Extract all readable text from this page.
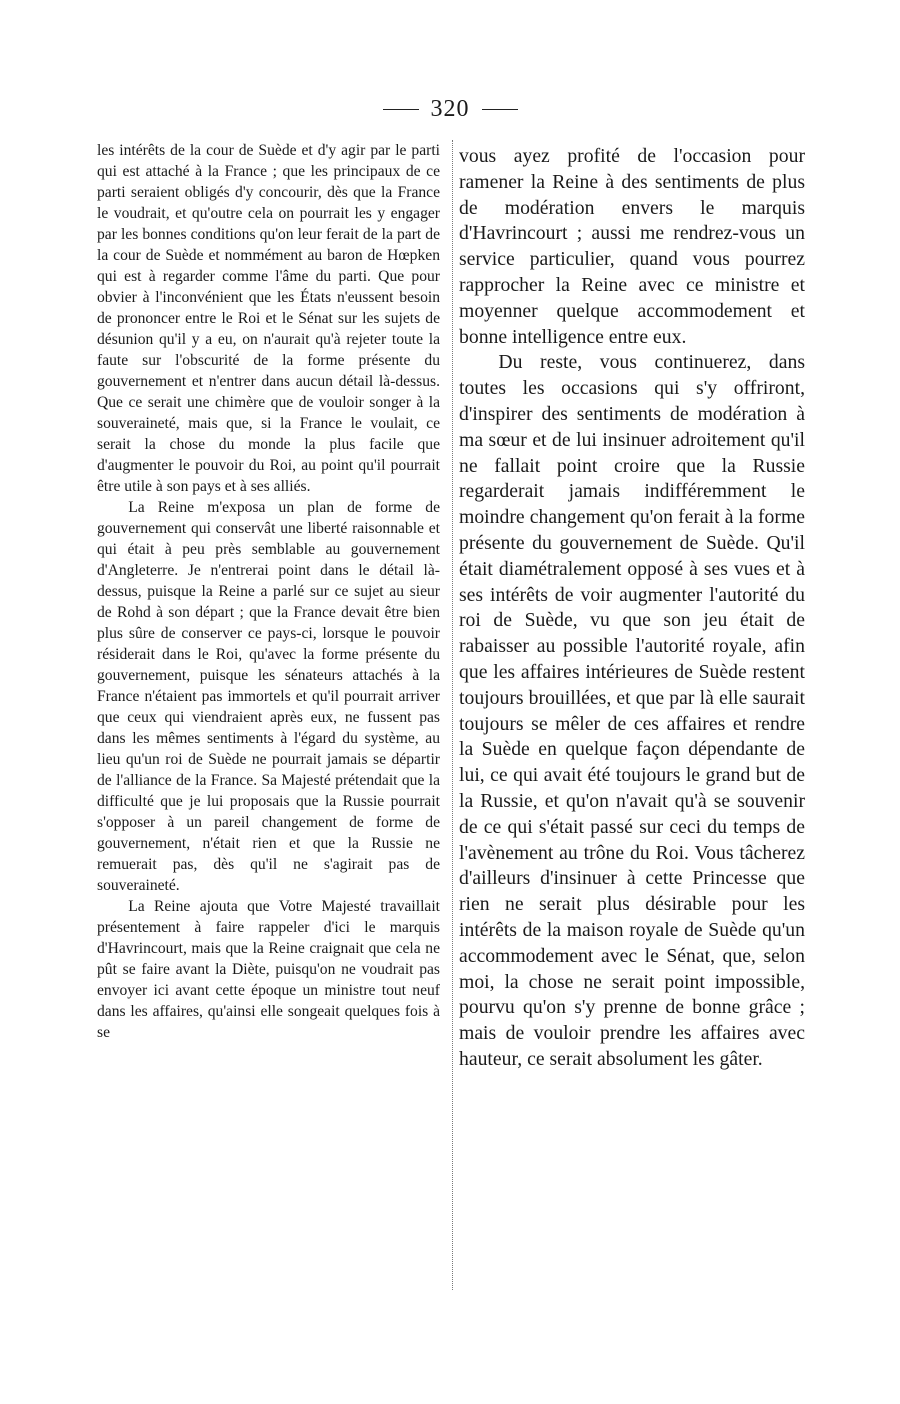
320

les intérêts de la cour de Suède et d'y agir par le parti qui est attaché à la France ; que les principaux de ce parti seraient obligés d'y concourir, dès que la France le voudrait, et qu'outre cela on pourrait les y engager par les bonnes conditions qu'on leur ferait de la part de la cour de Suède et nommément au baron de Hœpken qui est à regarder comme l'âme du parti. Que pour obvier à l'inconvénient que les États n'eussent besoin de prononcer entre le Roi et le Sénat sur les sujets de désunion qu'il y a eu, on n'aurait qu'à rejeter toute la faute sur l'obscurité de la forme présente du gouvernement et n'entrer dans aucun détail là-dessus. Que ce serait une chimère que de vouloir songer à la souveraineté, mais que, si la France le voulait, ce serait la chose du monde la plus facile que d'augmenter le pouvoir du Roi, au point qu'il pourrait être utile à son pays et à ses alliés.

La Reine m'exposa un plan de forme de gouvernement qui conservât une liberté raisonnable et qui était à peu près semblable au gouvernement d'Angleterre. Je n'entrerai point dans le détail là-dessus, puisque la Reine a parlé sur ce sujet au sieur de Rohd à son départ ; que la France devait être bien plus sûre de conserver ce pays-ci, lorsque le pouvoir résiderait dans le Roi, qu'avec la forme présente du gouvernement, puisque les sénateurs attachés à la France n'étaient pas immortels et qu'il pourrait arriver que ceux qui viendraient après eux, ne fussent pas dans les mêmes sentiments à l'égard du système, au lieu qu'un roi de Suède ne pourrait jamais se départir de l'alliance de la France. Sa Majesté prétendait que la difficulté que je lui proposais que la Russie pourrait s'opposer à un pareil changement de forme de gouvernement, n'était rien et que la Russie ne remuerait pas, dès qu'il ne s'agirait pas de souveraineté.

La Reine ajouta que Votre Majesté travaillait présentement à faire rappeler d'ici le marquis d'Havrincourt, mais que la Reine craignait que cela ne pût se faire avant la Diète, puisqu'on ne voudrait pas envoyer ici avant cette époque un ministre tout neuf dans les affaires, qu'ainsi elle songeait quelques fois à se

vous ayez profité de l'occasion pour ramener la Reine à des sentiments de plus de modération envers le marquis d'Havrincourt ; aussi me rendrez-vous un service particulier, quand vous pourrez rapprocher la Reine avec ce ministre et moyenner quelque accommodement et bonne intelligence entre eux.

Du reste, vous continuerez, dans toutes les occasions qui s'y offriront, d'inspirer des sentiments de modération à ma sœur et de lui insinuer adroitement qu'il ne fallait point croire que la Russie regarderait jamais indifféremment le moindre changement qu'on ferait à la forme présente du gouvernement de Suède. Qu'il était diamétralement opposé à ses vues et à ses intérêts de voir augmenter l'autorité du roi de Suède, vu que son jeu était de rabaisser au possible l'autorité royale, afin que les affaires intérieures de Suède restent toujours brouillées, et que par là elle saurait toujours se mêler de ces affaires et rendre la Suède en quelque façon dépendante de lui, ce qui avait été toujours le grand but de la Russie, et qu'on n'avait qu'à se souvenir de ce qui s'était passé sur ceci du temps de l'avènement au trône du Roi. Vous tâcherez d'ailleurs d'insinuer à cette Princesse que rien ne serait plus désirable pour les intérêts de la maison royale de Suède qu'un accommodement avec le Sénat, que, selon moi, la chose ne serait point impossible, pourvu qu'on s'y prenne de bonne grâce ; mais de vouloir prendre les affaires avec hauteur, ce serait absolument les gâter.
